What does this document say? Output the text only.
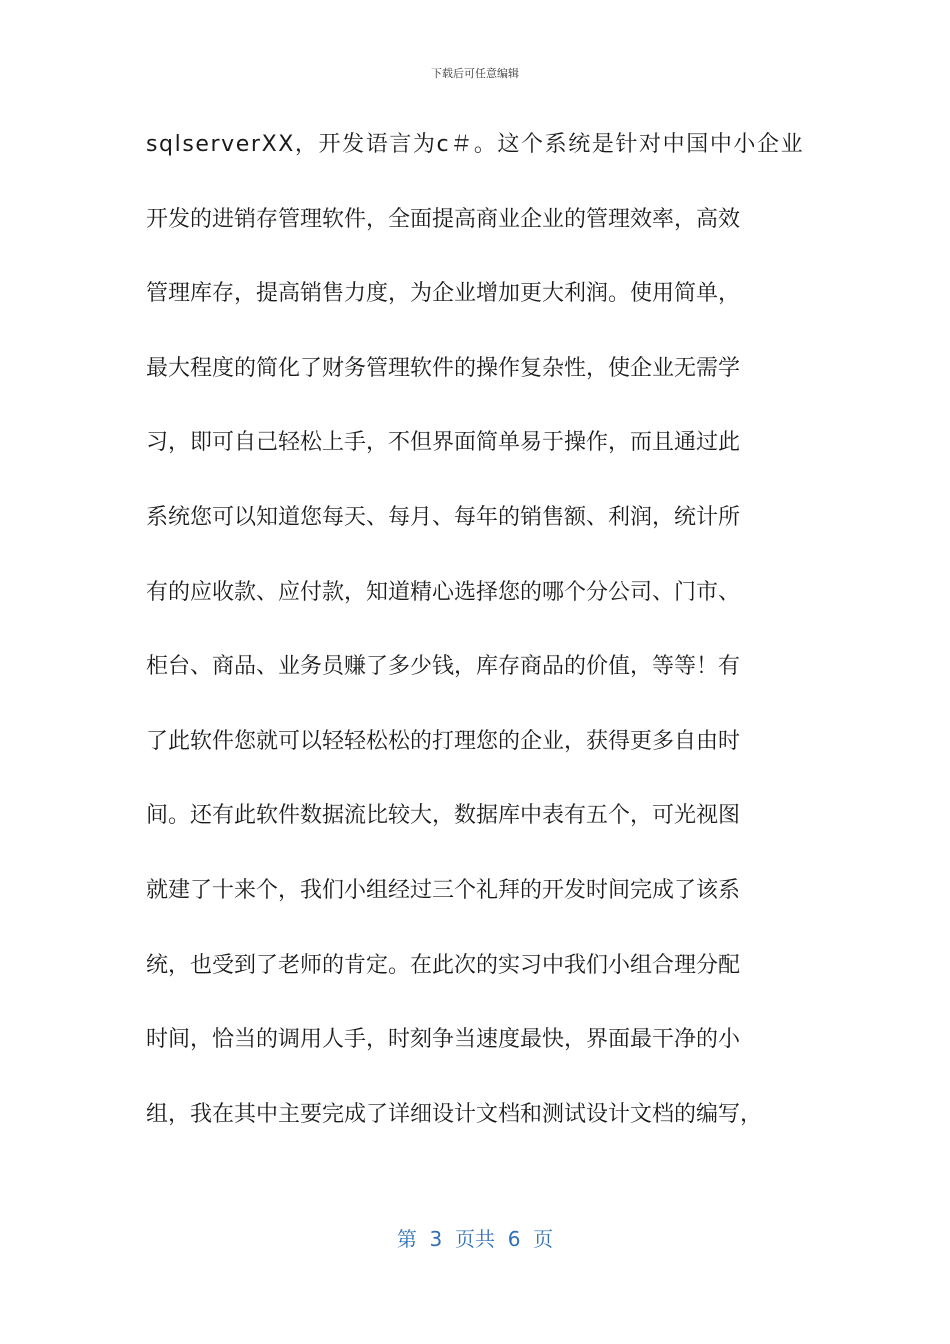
下载后可任意编辑
sqlserverXX，开发语言为c＃。这个系统是针对中国中小企业
开发的进销存管理软件，全面提高商业企业的管理效率，高效
管理库存，提高销售力度，为企业增加更大利润。使用简单，
最大程度的简化了财务管理软件的操作复杂性，使企业无需学
习，即可自己轻松上手，不但界面简单易于操作，而且通过此
系统您可以知道您每天、每月、每年的销售额、利润，统计所
有的应收款、应付款，知道精心选择您的哪个分公司、门市、
柜台、商品、业务员赚了多少钱，库存商品的价值，等等！有
了此软件您就可以轻轻松松的打理您的企业，获得更多自由时
间。还有此软件数据流比较大，数据库中表有五个，可光视图
就建了十来个，我们小组经过三个礼拜的开发时间完成了该系
统，也受到了老师的肯定。在此次的实习中我们小组合理分配
时间，恰当的调用人手，时刻争当速度最快，界面最干净的小
组，我在其中主要完成了详细设计文档和测试设计文档的编写，
第  3  页共  6  页
